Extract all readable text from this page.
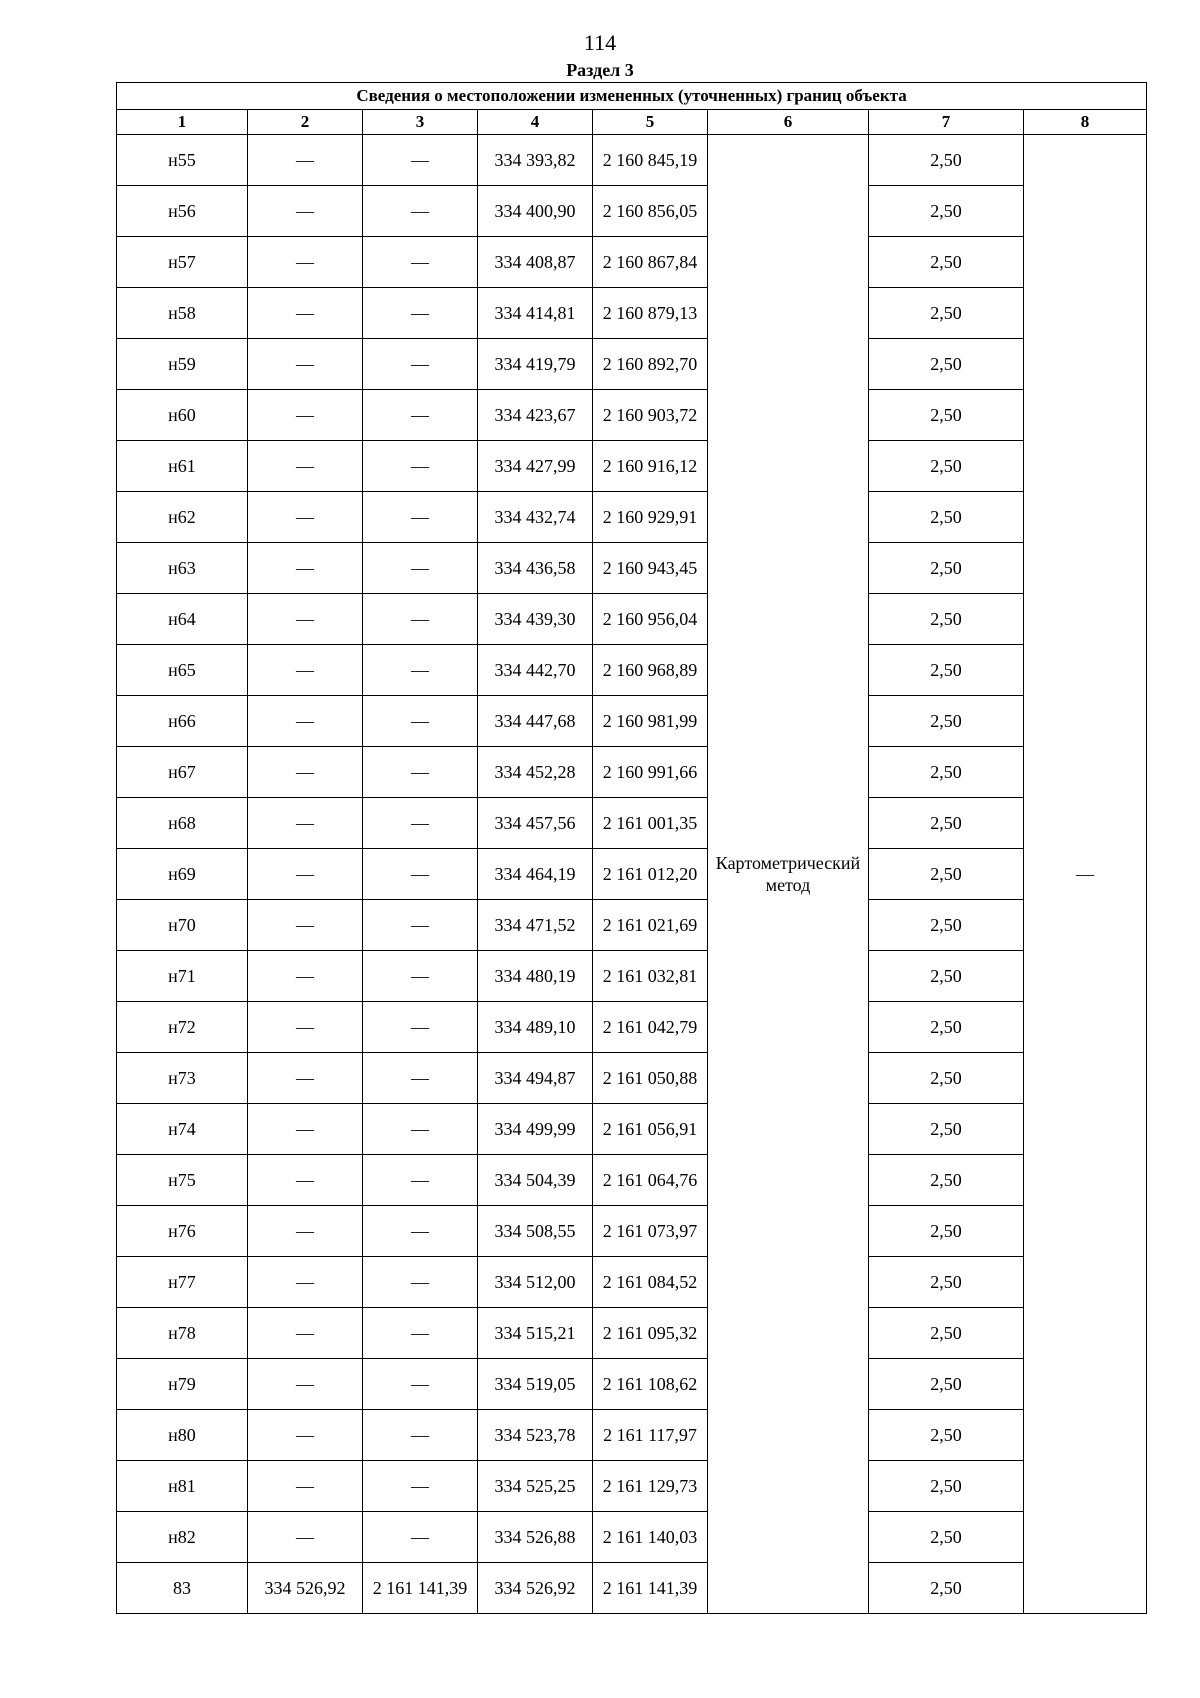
114
Раздел 3
Сведения о местоположении измененных (уточненных) границ объекта							
1	2	3	4	5	6	7	8
н55	—	—	334 393,82	2 160 845,19	Картометрический метод	2,50	—
н56	—	—	334 400,90	2 160 856,05		2,50	
н57	—	—	334 408,87	2 160 867,84		2,50	
н58	—	—	334 414,81	2 160 879,13		2,50	
н59	—	—	334 419,79	2 160 892,70		2,50	
н60	—	—	334 423,67	2 160 903,72		2,50	
н61	—	—	334 427,99	2 160 916,12		2,50	
н62	—	—	334 432,74	2 160 929,91		2,50	
н63	—	—	334 436,58	2 160 943,45		2,50	
н64	—	—	334 439,30	2 160 956,04		2,50	
н65	—	—	334 442,70	2 160 968,89		2,50	
н66	—	—	334 447,68	2 160 981,99		2,50	
н67	—	—	334 452,28	2 160 991,66		2,50	
н68	—	—	334 457,56	2 161 001,35		2,50	
н69	—	—	334 464,19	2 161 012,20		2,50	
н70	—	—	334 471,52	2 161 021,69		2,50	
н71	—	—	334 480,19	2 161 032,81		2,50	
н72	—	—	334 489,10	2 161 042,79		2,50	
н73	—	—	334 494,87	2 161 050,88		2,50	
н74	—	—	334 499,99	2 161 056,91		2,50	
н75	—	—	334 504,39	2 161 064,76		2,50	
н76	—	—	334 508,55	2 161 073,97		2,50	
н77	—	—	334 512,00	2 161 084,52		2,50	
н78	—	—	334 515,21	2 161 095,32		2,50	
н79	—	—	334 519,05	2 161 108,62		2,50	
н80	—	—	334 523,78	2 161 117,97		2,50	
н81	—	—	334 525,25	2 161 129,73		2,50	
н82	—	—	334 526,88	2 161 140,03		2,50	
83	334 526,92	2 161 141,39	334 526,92	2 161 141,39		2,50	
